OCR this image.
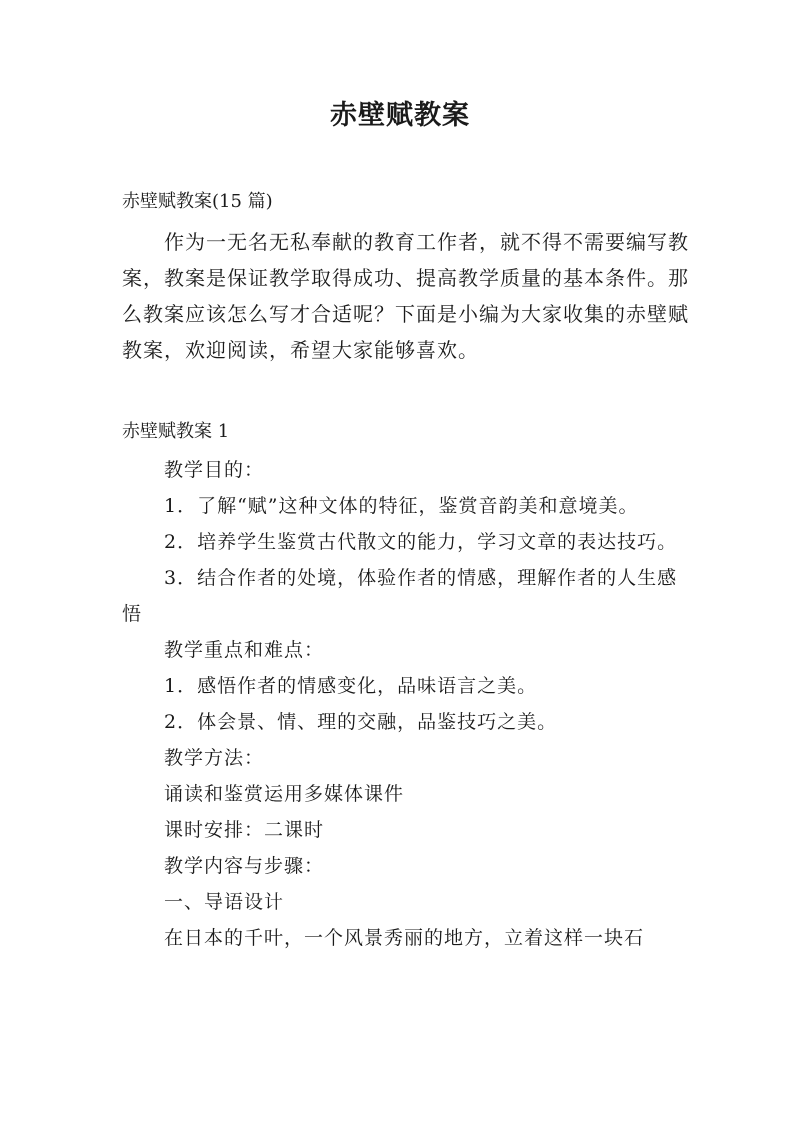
赤壁赋教案
赤壁赋教案(15 篇)

作为一无名无私奉献的教育工作者，就不得不需要编写教案，教案是保证教学取得成功、提高教学质量的基本条件。那么教案应该怎么写才合适呢？下面是小编为大家收集的赤壁赋教案，欢迎阅读，希望大家能够喜欢。

赤壁赋教案 1

教学目的：

1．了解“赋”这种文体的特征，鉴赏音韵美和意境美。

2．培养学生鉴赏古代散文的能力，学习文章的表达技巧。

3．结合作者的处境，体验作者的情感，理解作者的人生感悟

教学重点和难点：

1．感悟作者的情感变化，品味语言之美。

2．体会景、情、理的交融，品鉴技巧之美。

教学方法：

诵读和鉴赏运用多媒体课件

课时安排：二课时

教学内容与步骤：

一、导语设计

在日本的千叶，一个风景秀丽的地方，立着这样一块石
